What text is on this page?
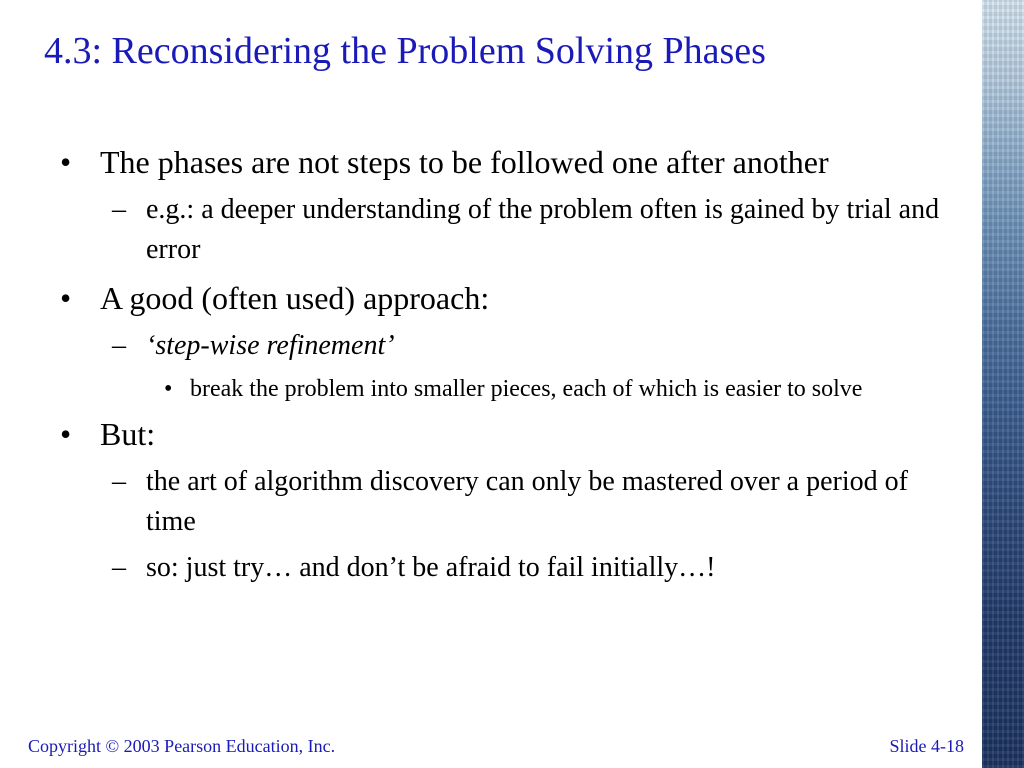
4.3: Reconsidering the Problem Solving Phases
• The phases are not steps to be followed one after another
– e.g.: a deeper understanding of the problem often is gained by trial and error
• A good (often used) approach:
– ‘step-wise refinement’
• break the problem into smaller pieces, each of which is easier to solve
• But:
– the art of algorithm discovery can only be mastered over a period of time
– so: just try… and don’t be afraid to fail initially…!
Copyright © 2003 Pearson Education, Inc.	Slide 4-18
